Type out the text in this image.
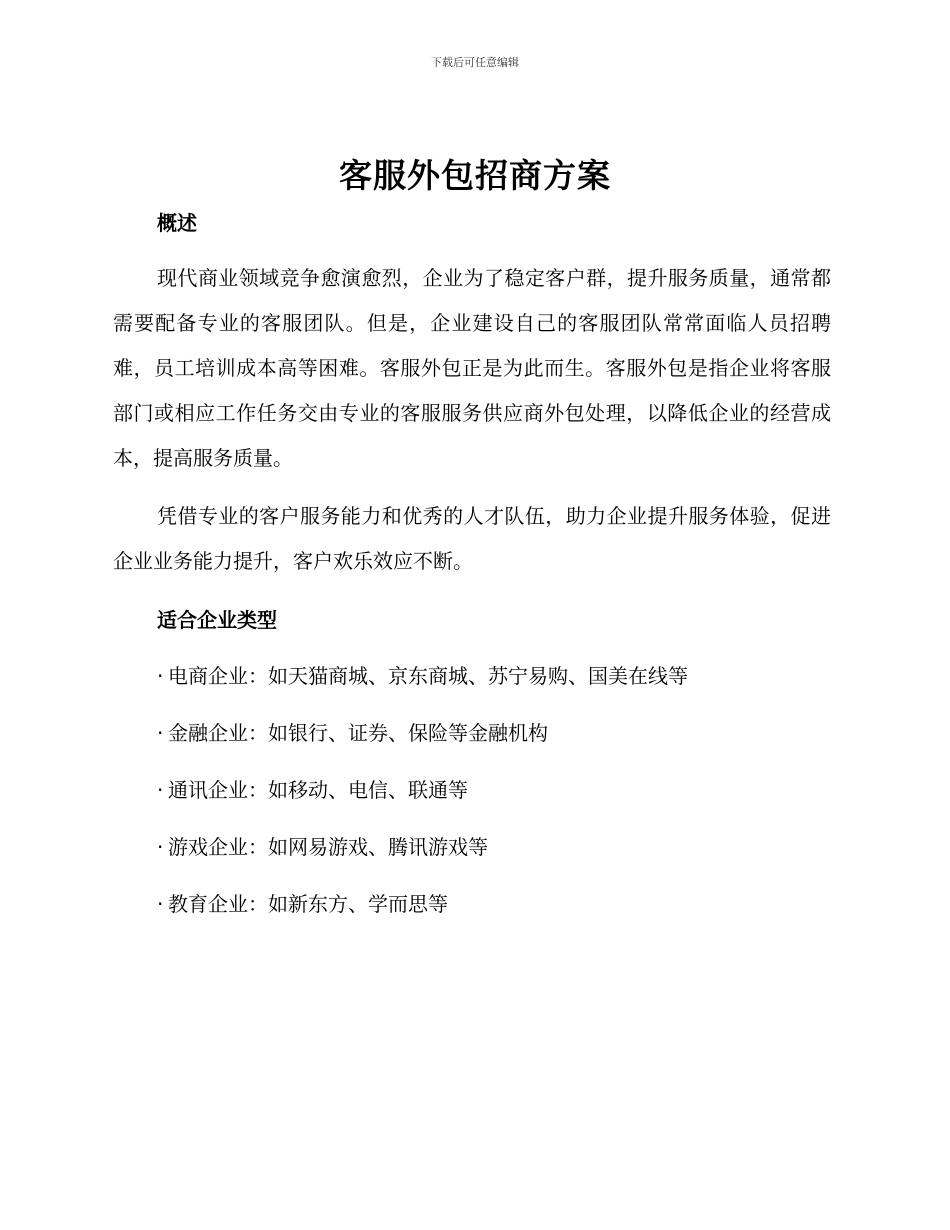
下载后可任意编辑
客服外包招商方案
概述

现代商业领域竞争愈演愈烈，企业为了稳定客户群，提升服务质量，通常都需要配备专业的客服团队。但是，企业建设自己的客服团队常常面临人员招聘难，员工培训成本高等困难。客服外包正是为此而生。客服外包是指企业将客服部门或相应工作任务交由专业的客服服务供应商外包处理，以降低企业的经营成本，提高服务质量。

凭借专业的客户服务能力和优秀的人才队伍，助力企业提升服务体验，促进企业业务能力提升，客户欢乐效应不断。

适合企业类型
· 电商企业：如天猫商城、京东商城、苏宁易购、国美在线等
· 金融企业：如银行、证券、保险等金融机构
· 通讯企业：如移动、电信、联通等
· 游戏企业：如网易游戏、腾讯游戏等
· 教育企业：如新东方、学而思等
